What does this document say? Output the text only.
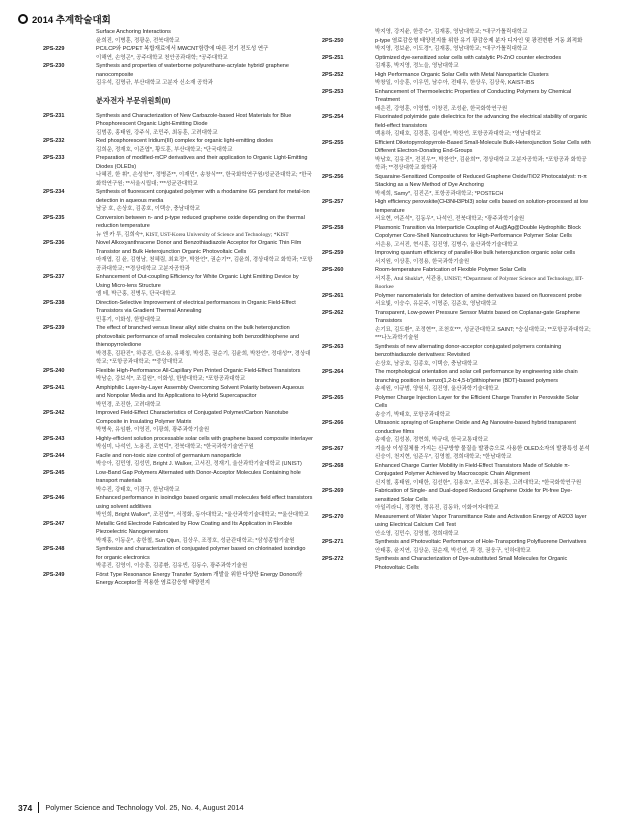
2014 추계학술대회
Surface Anchoring Interactions
윤희진, 이병훈, 정광운, 전북대학교
2PS-229	PC/LCP와 PC/PET 복합재료에서 MWCNT함량에 따른 전기 전도성 연구
이해연, 손영곤*, 공주대학교 천안공과대학; *공주대학교
2PS-230	Synthesis and properties of waterborne polyurethane-acrylate hybrid/ graphene nanocomposite
김우석, 김명규, 부산대학교 고분자 신소재 공학과
분자전자 부문위원회(II)
2PS-231	Synthesis and Characterization of New Carbazole-based Host Materials for Blue Phosphorescent Organic Light-Emitting Diode
김범종, 홍태원, 강주식, 조민주, 최동훈, 고려대학교
2PS-232	Red phosphorescent Iridium(III) complex for organic light-emitting diodes
김희운, 정재호, 이준엽*, 황도훈, 부산대학교; *단국대학교
2PS-233	Preparation of modified-mCP derivatives and their application to Organic Light-Emitting Diodes (OLEDs)
나혜진, 한 휘*, 손성헌**, 정병준**, 이재민*, 송창식***, 한국화학연구원/성균관대학교; *한국화학연구원; **서울시립대; ***성균관대학교
2PS-234	Synthesis of fluorescent conjugated polymer with a rhodamine 6G pendant for metal-ion detection in aqueous media
남궁 호, 손상호, 김종호, 이택승, 충남대학교
2PS-235	Conversion between n- and p-type reduced graphene oxide depending on the thermal reduction temperature
뉴 엔 카 투, 김희숙*, KIST, UST-Korea University of Science and Technology; *KIST
2PS-236	Novel Alkoxyanthracene Donor and Benzothiadiazole Acceptor for Organic Thin Film Transistor and Bulk Heterojunction Organic Photovoltaic Cells
마재엽, 김 윤, 김형남, 천혜림, 최효정*, 박찬언*, 권순기**, 김윤희, 경상대학교 화학과; *포항공과대학교; **경상대학교 고분자공학과
2PS-237	Enhancement of Out-coupling Efficiency for White Organic Light Emitting Device by Using Micro-lens Structure
엠 테, 박근홍, 진병두, 단국대학교
2PS-238	Direction-Selective Improvement of electrical performances in Organic Field-Effect Transistors via Gradient Thermal Annealing
민홍기, 이화성, 한밭대학교
2PS-239	The effect of branched versus linear alkyl side chains on the bulk heterojunction photovoltaic performance of small molecules containing both benzodithiophene and thienopyrroledione
박경훈, 김판진*, 하종진, 단소용, 유해칭, 박성혼, 권순기, 김윤희, 박찬언*, 정대성**, 경상대학교; *포항공과대학교; **중앙대학교
2PS-240	Flexible High-Performance All-Capillary Pen Printed Organic Field-Effect Transistors
박남순, 강보석*, 조길원*, 이화성, 한밭대학교; *포항공과대학교
2PS-241	Amphiphilic Layer-by-Layer Assembly Overcoming Solvent Polarity between Aqueous and Nonpolar Media and Its Applications to Hybrid Supercapacitor
박민경, 조진한, 고려대학교
2PS-242	Improved Field-Effect Characteristics of Conjugated Polymer/Carbon Nanotube Composite in Insulating Polymer Matrix
박병욱, 유임환, 이영진, 이광희, 광주과학기술원
2PS-243	Highly-efficient solution processable solar cells with graphene based composite interlayer
박심미, 나석인, 노용진, 조현덕*, 전북대학교; *한국과학기술연구원
2PS-244	Facile and non-toxic size control of germanium nanoparticle
박승아, 김민영, 김성민, Bright J. Walker, 고서진, 정재기, 울산과학기술대학교 (UNIST)
2PS-245	Low-Band Gap Polymers Alternated with Donor-Acceptor Molecules Containing hole transport materials
박수진, 강태호, 이경구, 한남대학교
2PS-246	Enhanced performance in isoindigo based organic small molecules field effect transistors using solvent additives
박인희, Bright Walker*, 조진엽**, 서정화, 동아대학교; *울산과학기술대학교; **울산대학교
2PS-247	Metallic Grid Electrode Fabricated by Flow Coating and Its Application in Flexible Piezoelectric Nanogenerators
박재홍, 이동운*, 송한철, Sun Qijun, 김상우, 조정호, 성균관대학교; *삼성종합기술원
2PS-248	Synthesize and characterization of conjugated polymer based on chlorinated isoindigo for organic electronics
박종진, 김영이, 이승훈, 김종환, 김유빈, 김동수, 광주과학기술원
2PS-249	Först Type Resonance Energy Transfer System 개발을 위한 다양한 Energy Donors와 Energy Acceptor를 적용한 염료감응형 태양전지
박지영, 강지윤, 한중수*, 김재홍, 영남대학교; *대구가톨릭대학교
2PS-250	p-type 염료감응형 태양전지를 위한 유기 광감응제 분자 디자인 및 광전변환 거동 최적화
박지영, 정보윤, 이도경*, 김재홍, 영남대학교; *대구가톨릭대학교
2PS-251	Optimized dye-sensitized solar cells with catalytic Pt-ZnO counter electrodes
김재홍, 박지영, 정노을, 영남대학교
2PS-252	High Performance Organic Solar Cells with Metal Nanoparticle Clusters
박창일, 이승훈, 이우민, 남수아, 전태우, 한상우, 김상욱, KAIST-IBS
2PS-253	Enhancement of Thermoelectric Properties of Conducting Polymers by Chemical Treatment
배은진, 강영훈, 이영협, 이창진, 조성윤, 한국화학연구원
2PS-254	Fluorinated polyimide gate dielectrics for the advancing the electrical stability of organic field-effect transistors
백용하, 김태호, 김경훈, 김세한*, 박찬언, 포항공과대학교; *영남대학교
2PS-255	Efficient Diketopyrrolopyrrole-Based Small-Molecule Bulk-Heterojunction Solar Cells with Different Electron-Donating End-Groups
박남호, 김유진*, 전진우**, 박찬언*, 김윤희**, 경상대학교 고분자공학과; *포항공과 화학공학과; **경상대학교 화학과
2PS-256	Squaraine-Sensitized Composite of Reduced Graphene Oxide/TiO2 Photocatalyst: π-π Stacking as a New Method of Dye Anchoring
박세희, Samy*, 김진곤*, 포항공과대학교; *POSTECH
2PS-257	High efficiency perovskite(CH3NH3PbI3) solar cells based on solution-processed at low temperature
서요현, 여준석*, 김동우*, 나석인, 전북대학교; *광주과학기술원
2PS-258	Plasmonic Transition via Interparticle Coupling of Au@Ag@Double Hydrophilic Block Copolymer Core-Shell Nanostructures for High-Performance Polymer Solar Cells
서은용, 고서진, 현시훈, 김진영, 김병수, 울산과학기술대학교
2PS-259	Improving quantum efficiency of parallel-like bulk heterojunction organic solar cells
서지원, 이상훈, 이정용, 한국과학기술원
2PS-260	Room-temperature Fabrication of Flexible Polymer Solar Cells
서지훈, Atul Shukla*, 서관용, UNIST; *Department of Polymer Science and Technology, IIT-Roorkee
2PS-261	Polymer nanomaterials for detection of amine derivatives based on fluorescent probe
서요빛, 이승수, 유문주, 이명준, 김준호, 영남대학교
2PS-262	Transparent, Low-power Pressure Sensor Matrix based on Coplanar-gate Graphene Transistors
손기묘, 김도환*, 조정현**, 조천호***, 성균관대학교 SAINT; *숭실대학교; **포항공과대학교; ***나노과학기술원
2PS-263	Synthesis of new alternating donor-acceptor conjugated polymers containing benzothiadiazole derivatives: Revisited
손상호, 남궁호, 김종호, 이택승, 충남대학교
2PS-264	The morphological orientation and solar cell performance by engineering side chain branching position in benzo[1,2-b:4,5-b']dithiophene (BDT)-based polymers
송세원, 이규범, 양원식, 김진영, 울산과학기술대학교
2PS-265	Polymer Charge Injection Layer for the Efficient Charge Transfer in Perovskite Solar Cells
송승기, 박태호, 포항공과대학교
2PS-266	Ultrasonic spraying of Graphene Oxide and Ag Nanowire-based hybrid transparent conductive films
송예슬, 김성봉, 정현희, 박규대, 한국교통대학교
2PS-267	겨울상 이성질체를 가지는 신규방향 물질을 발광층으로 사용한 OLED소자의 발광특성 분석
신승이, 천지현, 임준우*, 김영철, 경희대학교; *한남대학교
2PS-268	Enhanced Charge Carrier Mobility in Field-Effect Transistors Made of Soluble π-Conjugated Polymer Achieved by Macroscopic Chain Alignment
신지철, 홍태원, 이태한, 김선한*, 김용호*, 조민주, 최동훈, 고려대학교; *한국화학연구원
2PS-269	Fabrication of Single- and Dual-doped Reduced Graphene Oxide for Pt-free Dye-sensitized Solar Cells
아일리라니, 정경현, 정유진, 김동하, 이화여자대학교
2PS-270	Measurement of Water Vapor Transmittance Rate and Activation Energy of Al2O3 layer using Electrical Calcium Cell Test
안소영, 김민수, 김영철, 경희대학교
2PS-271	Synthesis and Photovoltaic Performance of Hole-Transporting Polyfluorene Derivatives
안태홍, 윤지연, 김상운, 권순재, 박선연, 곽 경, 권웅구, 인하대학교
2PS-272	Synthesis and Characterization of Dye-substituted Small Molecules for Organic Photovoltaic Cells
374 Polymer Science and Technology Vol. 25, No. 4, August 2014
